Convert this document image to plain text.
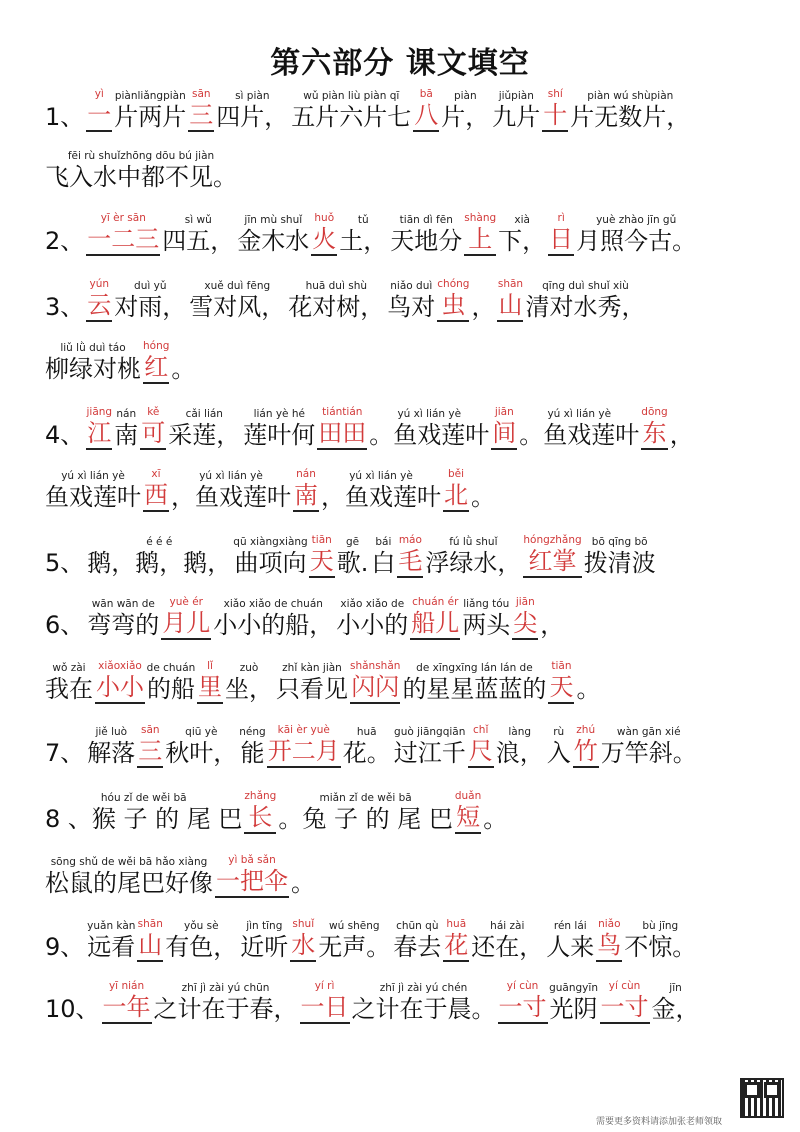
第六部分 课文填空
1、
yì
一
piànliǎngpiàn
片两片
sān
三
sì piàn
四片，
wǔ piàn liù piàn qī
五片六片七
bā
八
piàn
片，
jiǔpiàn
九片
shí
十
piàn wú shùpiàn
片无数片，
fēi rù shuǐzhōng dōu bú jiàn
飞入水中都不见。
2、
yī èr sān
一二三
sì wǔ
四五，
jīn mù shuǐ
金木水
huǒ
火
tǔ
土，
tiān dì fēn
天地分
shàng
上
xià
下，
rì
日
yuè zhào jīn gǔ
月照今古。
3、
yún
云
duì yǔ
对雨，
xuě duì fēng
雪对风，
huā duì shù
花对树，
niǎo duì
鸟对
chóng
虫 ，
shān
山
qīng duì shuǐ xiù
清对水秀，
liǔ lǜ duì táo
柳绿对桃
hóng
红 。
4、
jiāng
江
nán
南
kě
可
cǎi lián
采莲，
lián yè hé
莲叶何
tiántián
田田
yú xì lián yè
。鱼戏莲叶
jiān
间
yú xì lián yè
。鱼戏莲叶
dōng
东 ，
yú xì lián yè
鱼戏莲叶
xī
西
yú xì lián yè
，鱼戏莲叶
nán
南
yú xì lián yè
，鱼戏莲叶
běi
北 。
5、
é é é
鹅，鹅，鹅，
qū xiàngxiàng
曲项向
tiān
天
gē
歌.
bái
白
máo
毛
fú lǜ shuǐ
浮绿水，
hóngzhǎng
红掌
bō qīng bō
拨清波
6、
wān wān de
弯弯的
yuè ér
月儿
xiǎo xiǎo de chuán
小小的船，
xiǎo xiǎo de
小小的
chuán ér
船儿
liǎng tóu
两头
jiān
尖 ，
wǒ zài
我在
xiǎoxiǎo
小小
de chuán
的船
lǐ
里
zuò
坐，
zhǐ kàn jiàn
只看见
shǎnshǎn
闪闪
de xīngxīng lán lán de
的星星蓝蓝的
tiān
天 。
7、
jiě luò
解落
sān
三
qiū yè
秋叶，
néng
能
kāi èr yuè
开二月
huā
花。
guò jiāngqiān
过江千
chǐ
尺
làng
浪，
rù
入
zhú
竹
wàn gān xié
万竿斜。
hóu zǐ de wěi bā
8 、猴 子 的 尾 巴
zhǎng
长
miǎn zǐ de wěi bā
。兔 子 的 尾 巴
duǎn
短 。
sōng shǔ de wěi bā hǎo xiàng
松鼠的尾巴好像
yì bǎ sǎn
一把伞 。
9、
yuǎn kàn
远看
shān
山
yǒu sè
有色，
jìn tīng
近听
shuǐ
水
wú shēng
无声。
chūn qù
春去
huā
花
hái zài
还在，
rén lái
人来
niǎo
鸟
bù jīng
不惊。
10、
yī nián
一年
zhī jì zài yú chūn
之计在于春，
yí rì
一日
zhī jì zài yú chén
之计在于晨。
yí cùn
一寸
guāngyīn
光阴
yí cùn
一寸
jīn
金，
需要更多资料请添加张老师领取
